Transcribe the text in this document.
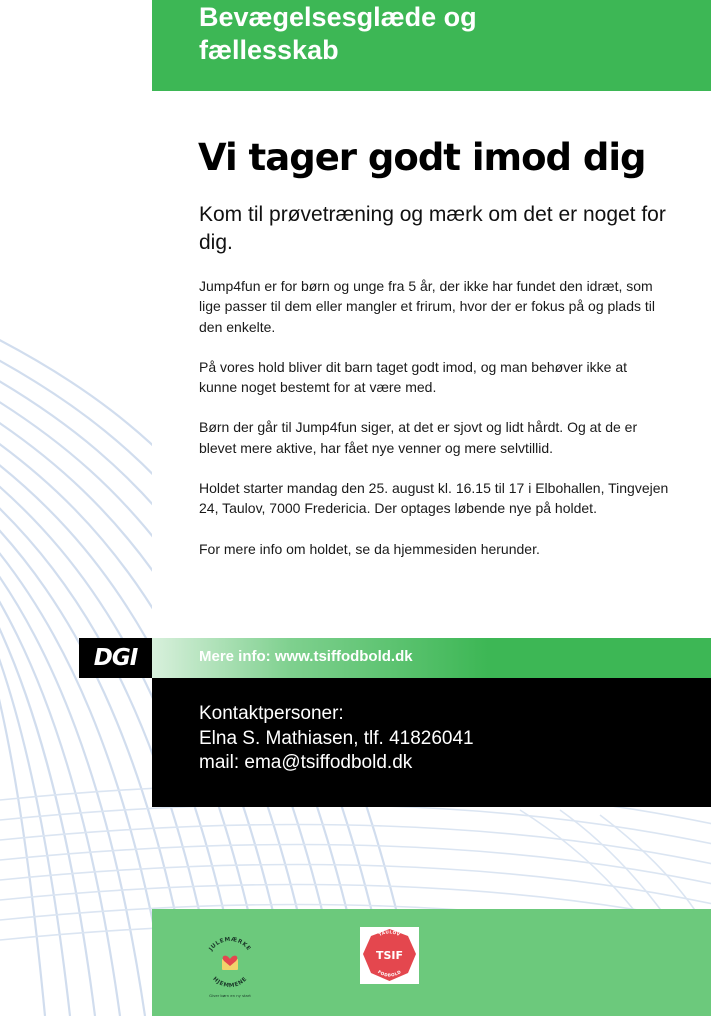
Bevægelsesglæde og fællesskab
Vi tager godt imod dig

Kom til prøvetræning og mærk om det er noget for dig.

Jump4fun er for børn og unge fra 5 år, der ikke har fundet den idræt, som lige passer til dem eller mangler et frirum, hvor der er fokus på og plads til den enkelte.

På vores hold bliver dit barn taget godt imod, og man behøver ikke at kunne noget bestemt for at være med.

Børn der går til Jump4fun siger, at det er sjovt og lidt hårdt. Og at de er blevet mere aktive, har fået nye venner og mere selvtillid.

Holdet starter mandag den 25. august kl. 16.15 til 17 i Elbohallen, Tingvejen 24, Taulov, 7000 Fredericia. Der optages løbende nye på holdet.

For mere info om holdet, se da hjemmesiden herunder.

DGI	Mere info: www.tsiffodbold.dk
Kontaktpersoner:
Elna S. Mathiasen, tlf. 41826041
mail: ema@tsiffodbold.dk
JULEMÆRKE
HJEMMENE
Giver børn en ny start
TAULOV
FODBOLD
TSIF
